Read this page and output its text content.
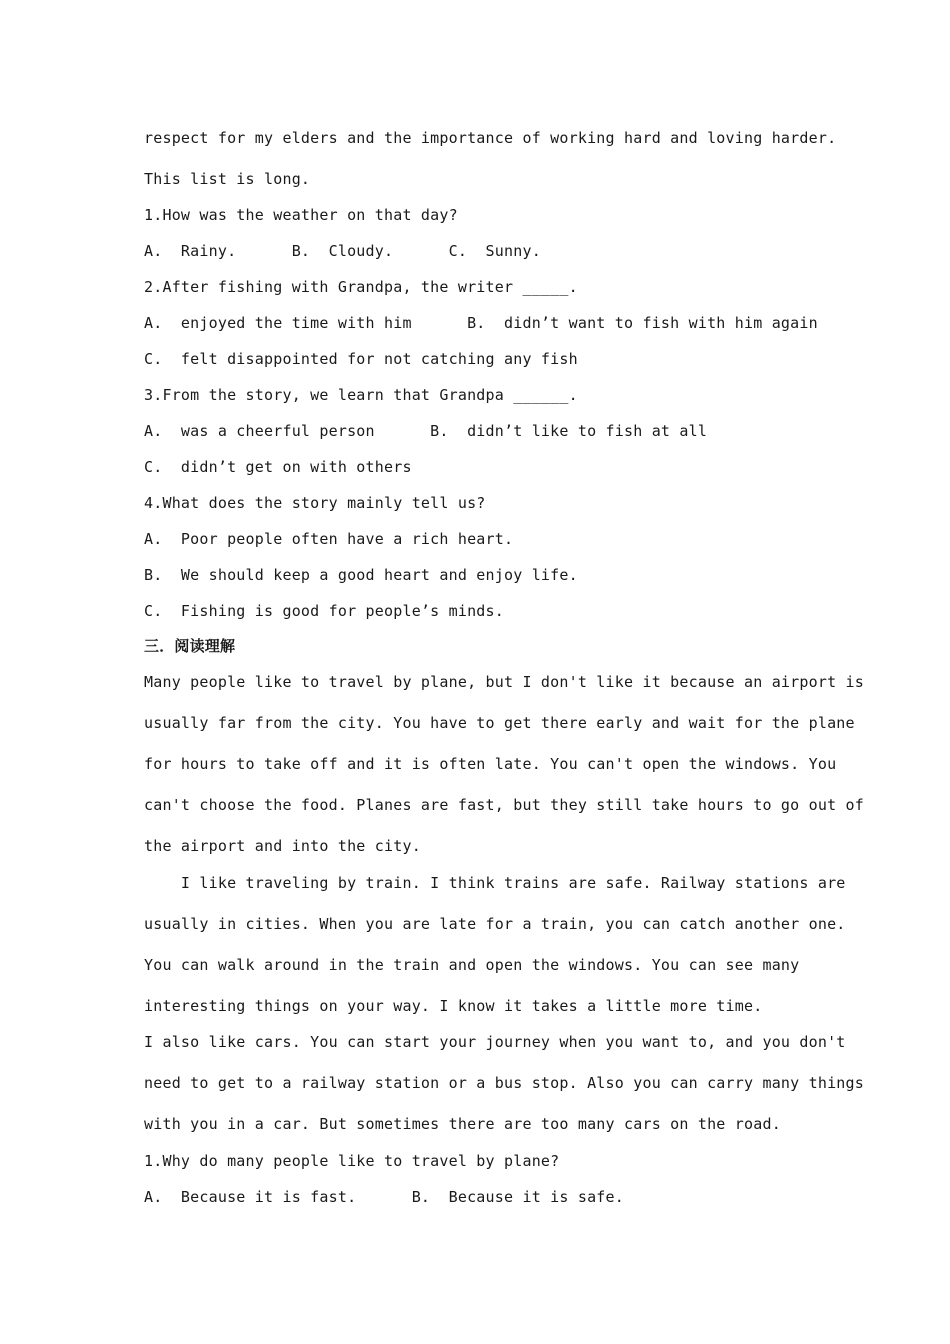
respect for my elders and the importance of working hard and loving harder.
This list is long.
1.How was the weather on that day?
A.  Rainy.      B.  Cloudy.      C.  Sunny.
2.After fishing with Grandpa, the writer _____.
A.  enjoyed the time with him      B.  didn’t want to fish with him again
C.  felt disappointed for not catching any fish
3.From the story, we learn that Grandpa ______.
A.  was a cheerful person      B.  didn’t like to fish at all
C.  didn’t get on with others
4.What does the story mainly tell us?
A.  Poor people often have a rich heart.
B.  We should keep a good heart and enjoy life.
C.  Fishing is good for people’s minds.
三．阅读理解
Many people like to travel by plane, but I don't like it because an airport is
usually far from the city. You have to get there early and wait for the plane
for hours to take off and it is often late. You can't open the windows. You
can't choose the food. Planes are fast, but they still take hours to go out of
the airport and into the city.
I like traveling by train. I think trains are safe. Railway stations are
usually in cities. When you are late for a train, you can catch another one.
You can walk around in the train and open the windows. You can see many
interesting things on your way. I know it takes a little more time.
I also like cars. You can start your journey when you want to, and you don't
need to get to a railway station or a bus stop. Also you can carry many things
with you in a car. But sometimes there are too many cars on the road.
1.Why do many people like to travel by plane?
A.  Because it is fast.      B.  Because it is safe.
